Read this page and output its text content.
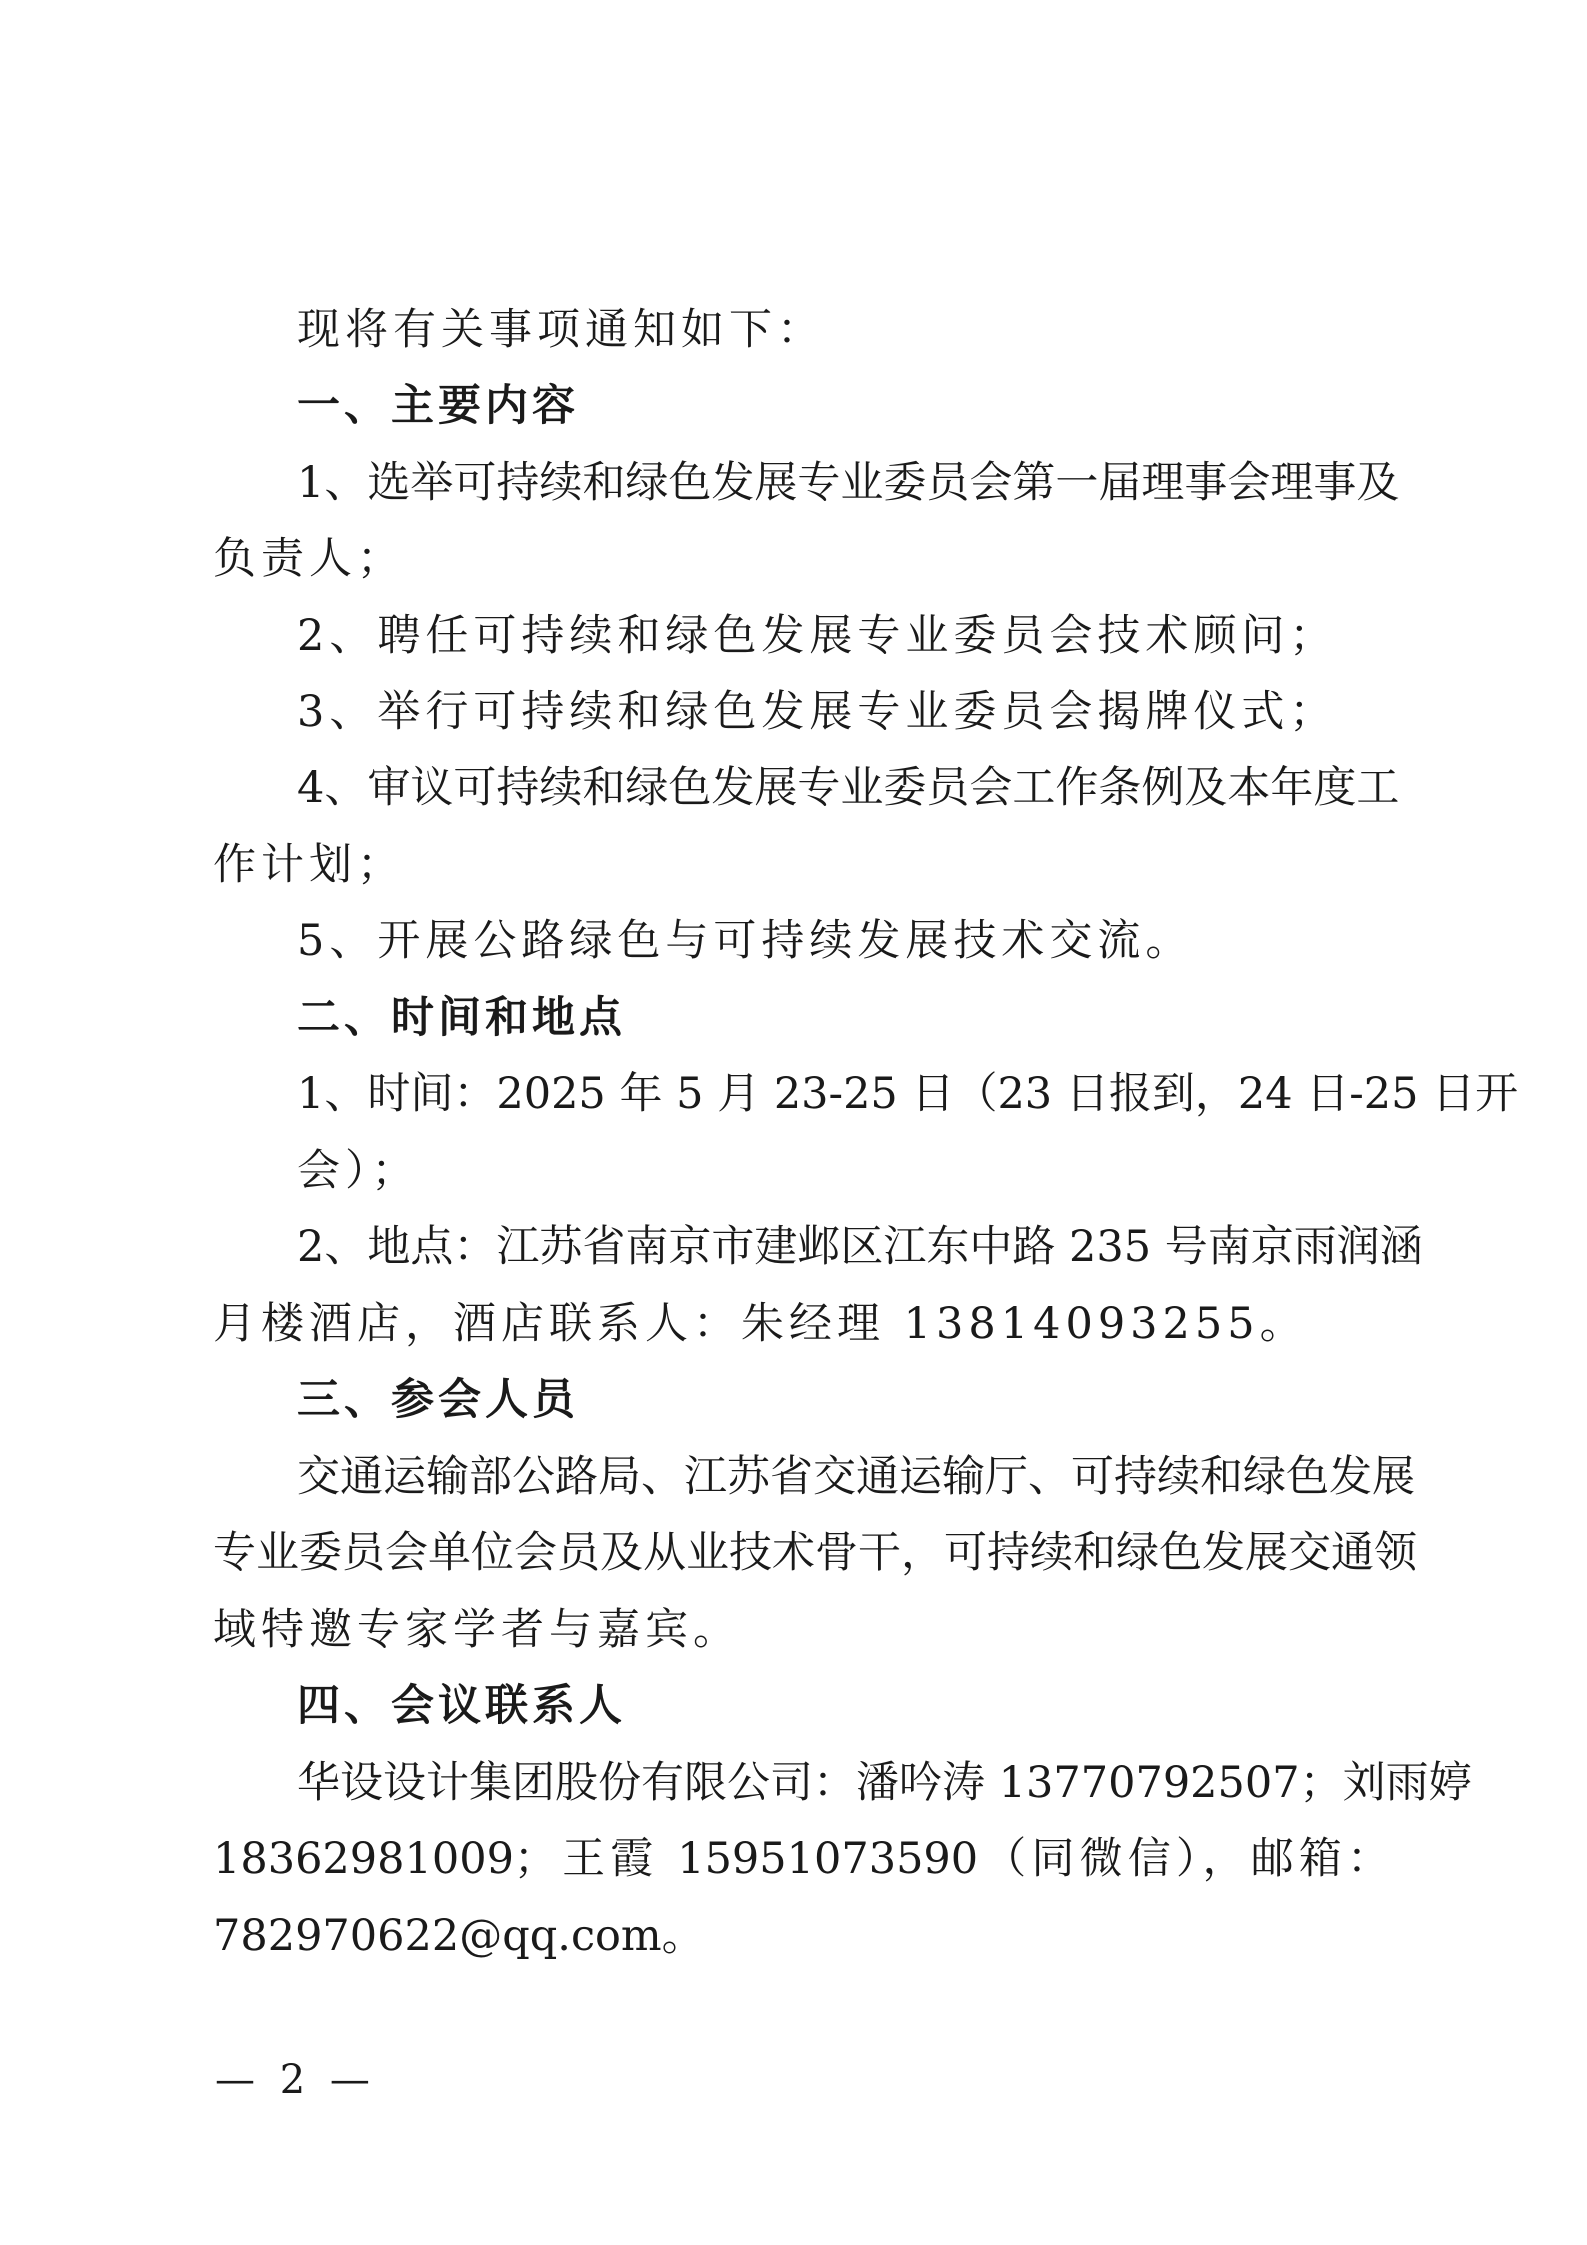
现将有关事项通知如下：

一、主要内容

1、选举可持续和绿色发展专业委员会第一届理事会理事及

负责人；

2、聘任可持续和绿色发展专业委员会技术顾问；

3、举行可持续和绿色发展专业委员会揭牌仪式；

4、审议可持续和绿色发展专业委员会工作条例及本年度工

作计划；

5、开展公路绿色与可持续发展技术交流。

二、时间和地点

1、时间：2025 年 5 月 23-25 日（23 日报到，24 日-25 日开

会）；

2、地点：江苏省南京市建邺区江东中路 235 号南京雨润涵

月楼酒店，酒店联系人：朱经理 13814093255。

三、参会人员

交通运输部公路局、江苏省交通运输厅、可持续和绿色发展

专业委员会单位会员及从业技术骨干，可持续和绿色发展交通领

域特邀专家学者与嘉宾。

四、会议联系人

华设设计集团股份有限公司：潘吟涛 13770792507；刘雨婷

18362981009；王霞 15951073590（同微信），邮箱：

782970622@qq.com。

— 2 —
